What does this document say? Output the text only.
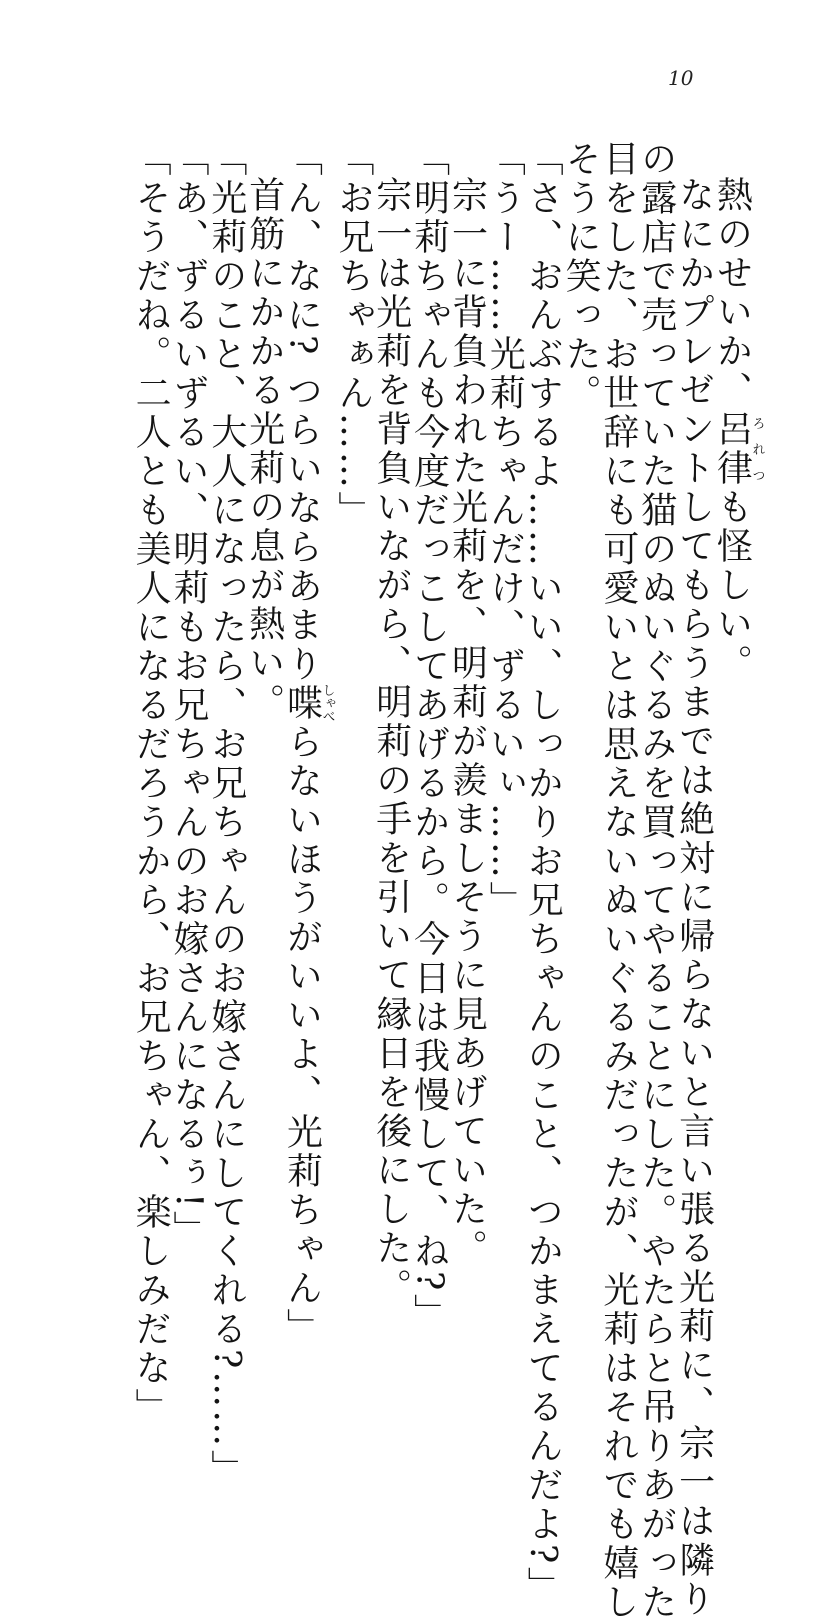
10
熱のせいか、呂律ろれつも怪しい。
なにかプレゼントしてもらうまでは絶対に帰らないと言い張る光莉に、宗一は隣り
の露店で売っていた猫のぬいぐるみを買ってやることにした。やたらと吊りあがった
目をした、お世辞にも可愛いとは思えないぬいぐるみだったが、光莉はそれでも嬉し
そうに笑った。
「さ、おんぶするよ……いい、しっかりお兄ちゃんのこと、つかまえてるんだよ?」
「うー……光莉ちゃんだけ、ずるいぃ……」
宗一に背負われた光莉を、明莉が羨ましそうに見あげていた。
「明莉ちゃんも今度だっこしてあげるから。今日は我慢して、ね?」
宗一は光莉を背負いながら、明莉の手を引いて縁日を後にした。
「お兄ちゃぁん……」
「ん、なに? つらいならあまり喋しゃべらないほうがいいよ、光莉ちゃん」
首筋にかかる光莉の息が熱い。
「光莉のこと、大人になったら、お兄ちゃんのお嫁さんにしてくれる?……」
「あ、ずるいずるい、明莉もお兄ちゃんのお嫁さんになるぅ!」
「そうだね。二人とも美人になるだろうから、お兄ちゃん、楽しみだな」
